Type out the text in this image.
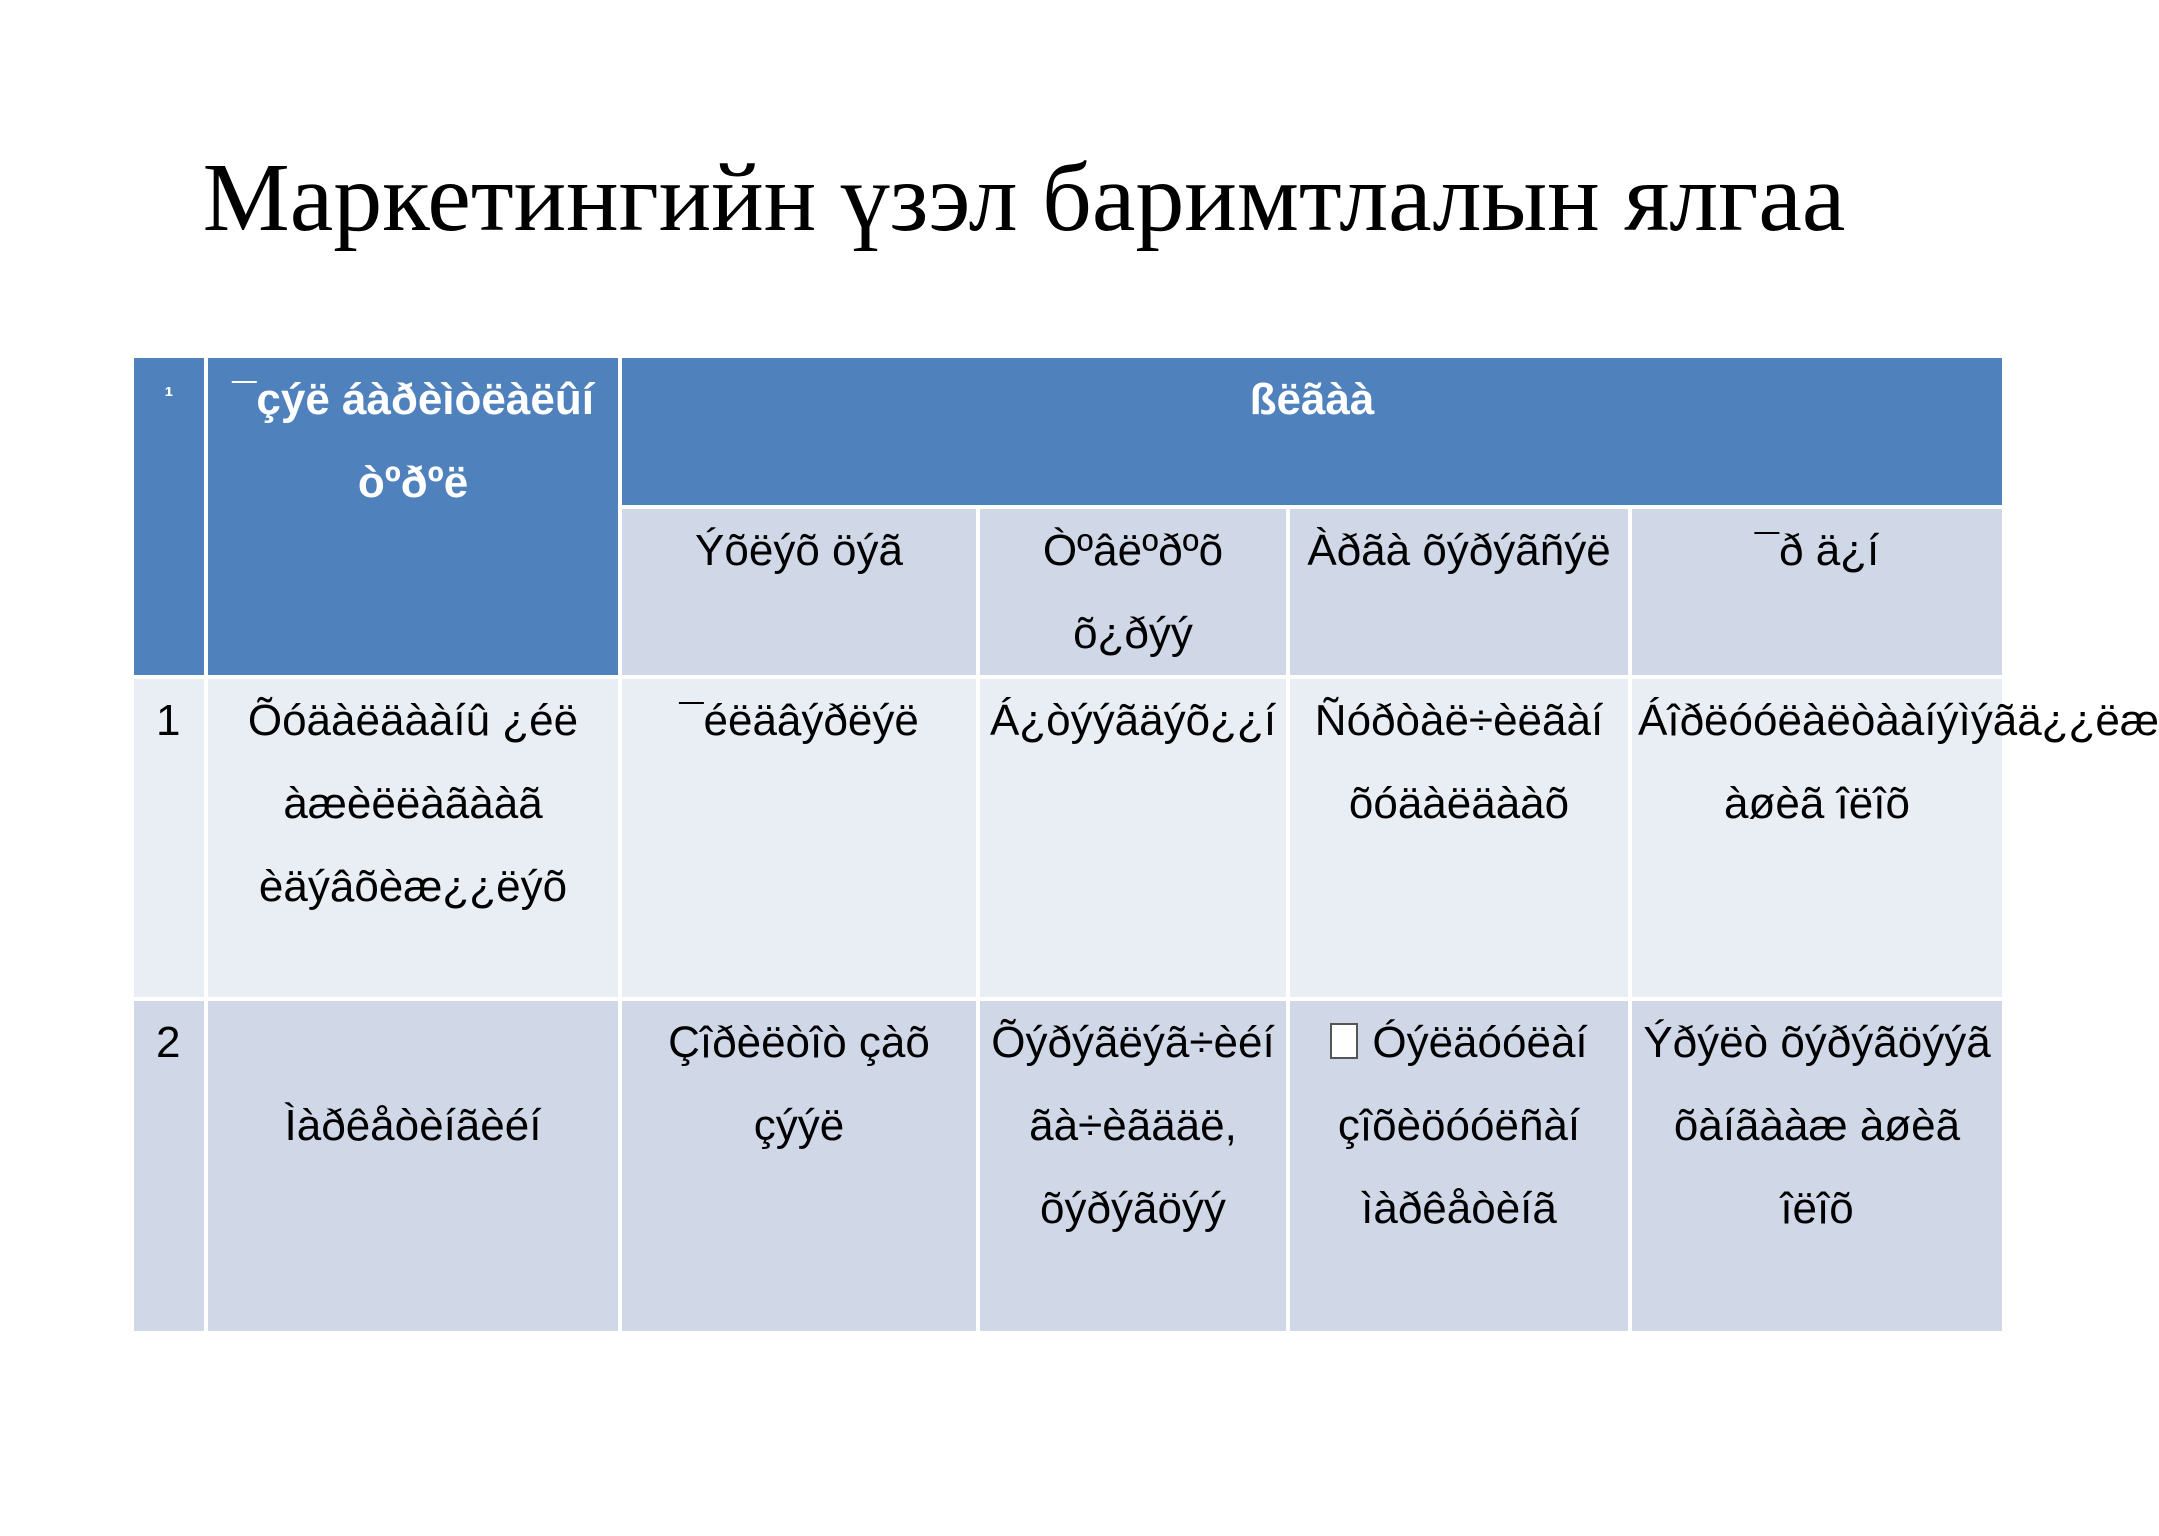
Маркетингийн үзэл баримтлалын ялгаа
¹	¯çýë áàðèìòëàëûí òºðºë	ßëãàà			

		Ýõëýõ öýã	Òºâëºðºõ õ¿ðýý	Àðãà õýðýãñýë	¯ð ä¿í
1	Õóäàëäààíû ¿éë àæèëëàãààã èäýâõèæ¿¿ëýõ	¯éëäâýðëýë	Á¿òýýãäýõ¿¿í	Ñóðòàë÷èëãàí õóäàëäààõ	Áîðëóóëàëòààíýìýãä¿¿ëæ àøèã îëîõ
2	Ìàðêåòèíãèéí	Çîðèëòîò çàõ çýýë	Õýðýãëýã÷èéí ãà÷èãääë, õýðýãöýý	Óýëäóóëàí çîõèöóóëñàí ìàðêåòèíã	Ýðýëò õýðýãöýýã õàíãààæ àøèã îëîõ
